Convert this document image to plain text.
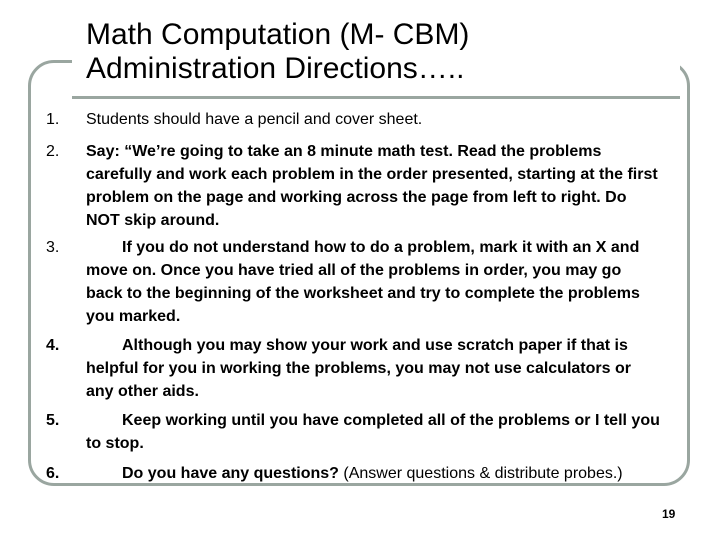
Math Computation (M- CBM) Administration Directions…..
1. Students should have a pencil and cover sheet.
2. Say: “We’re going to take an 8 minute math test. Read the problems carefully and work each problem in the order presented, starting at the first problem on the page and working across the page from left to right. Do NOT skip around.
3.	If you do not understand how to do a problem, mark it with an X and move on. Once you have tried all of the problems in order, you may go back to the beginning of the worksheet and try to complete the problems you marked.
4.	Although you may show your work and use scratch paper if that is helpful for you in working the problems, you may not use calculators or any other aids.
5.	Keep working until you have completed all of the problems or I tell you to stop.
6.	Do you have any questions? (Answer questions & distribute probes.)
19
